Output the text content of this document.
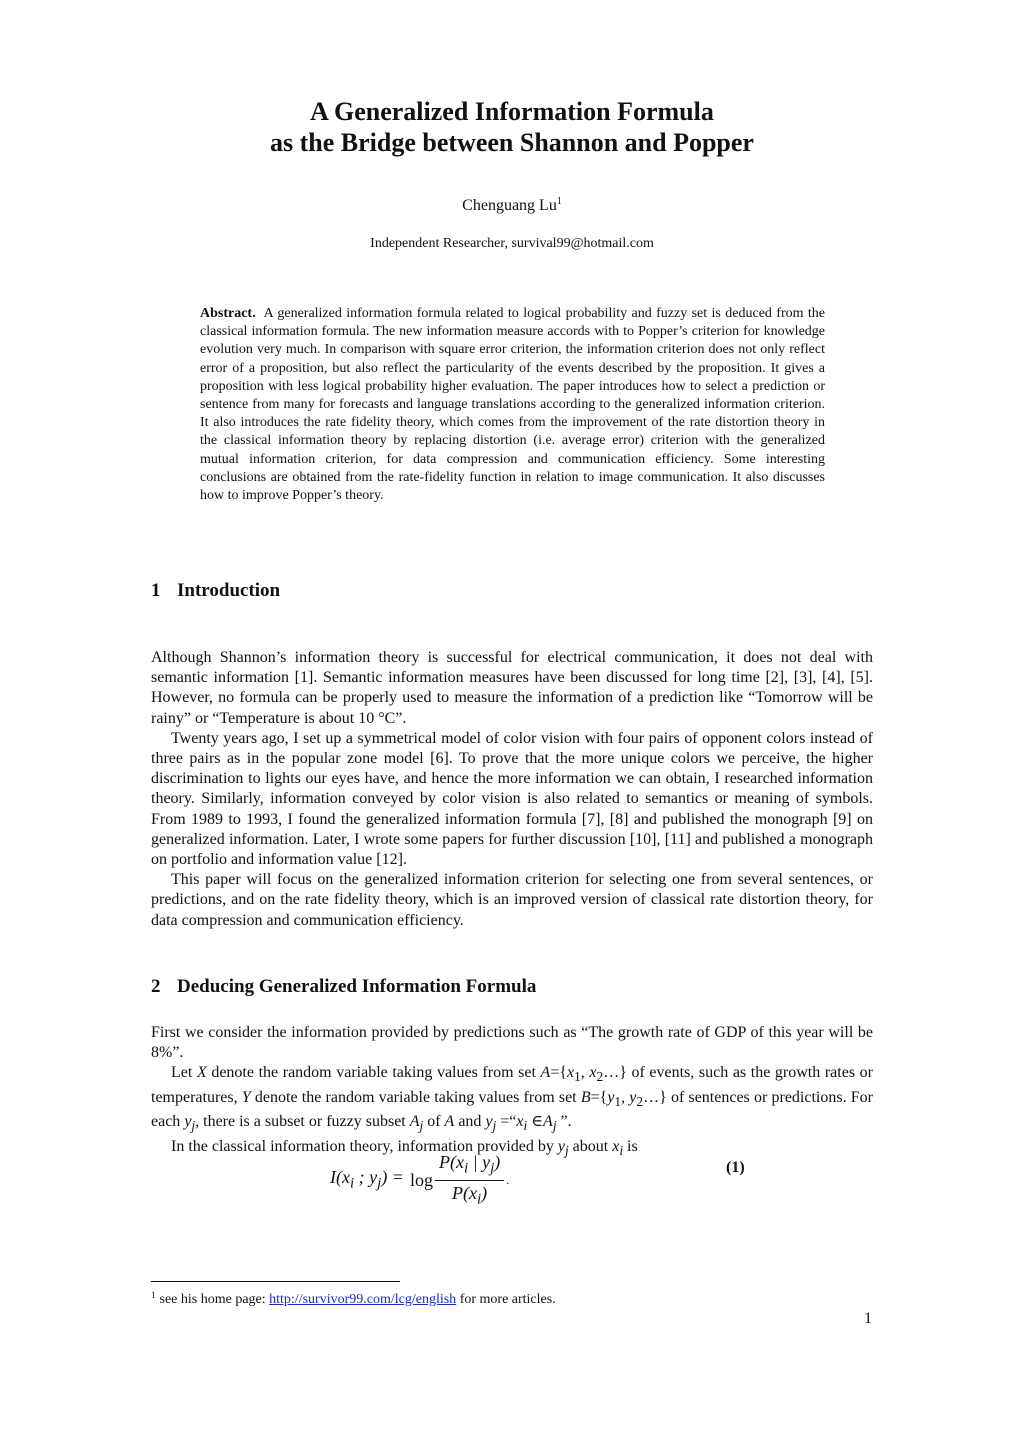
A Generalized Information Formula
as the Bridge between Shannon and Popper
Chenguang Lu$^1$
Independent Researcher, survival99@hotmail.com
Abstract. A generalized information formula related to logical probability and fuzzy set is deduced from the classical information formula. The new information measure accords with to Popper’s criterion for knowledge evolution very much. In comparison with square error criterion, the information criterion does not only reflect error of a proposition, but also reflect the particularity of the events described by the proposition. It gives a proposition with less logical probability higher evaluation. The paper introduces how to select a prediction or sentence from many for forecasts and language translations according to the generalized information criterion. It also introduces the rate fidelity theory, which comes from the improvement of the rate distortion theory in the classical information theory by replacing distortion (i.e. average error) criterion with the generalized mutual information criterion, for data compression and communication efficiency. Some interesting conclusions are obtained from the rate-fidelity function in relation to image communication. It also discusses how to improve Popper’s theory.
1 Introduction

Although Shannon’s information theory is successful for electrical communication, it does not deal with semantic information [1]. Semantic information measures have been discussed for long time [2], [3], [4], [5]. However, no formula can be properly used to measure the information of a prediction like “Tomorrow will be rainy” or “Temperature is about 10 °C”.

Twenty years ago, I set up a symmetrical model of color vision with four pairs of opponent colors instead of three pairs as in the popular zone model [6]. To prove that the more unique colors we perceive, the higher discrimination to lights our eyes have, and hence the more information we can obtain, I researched information theory. Similarly, information conveyed by color vision is also related to semantics or meaning of symbols. From 1989 to 1993, I found the generalized information formula [7], [8] and published the monograph [9] on generalized information. Later, I wrote some papers for further discussion [10], [11] and published a monograph on portfolio and information value [12].

This paper will focus on the generalized information criterion for selecting one from several sentences, or predictions, and on the rate fidelity theory, which is an improved version of classical rate distortion theory, for data compression and communication efficiency.

2 Deducing Generalized Information Formula

First we consider the information provided by predictions such as “The growth rate of GDP of this year will be 8%”.

Let X denote the random variable taking values from set $A=\{x_1$, $x_2\dots$} of events, such as the growth rates or temperatures, Y denote the random variable taking values from set $B=\{y_1$, $y_2\dots$} of sentences or predictions. For each $y_j$, there is a subset or fuzzy subset $A_j$ of A and $y_j$ $=“x_i$ $\in A_j$ ”.

In the classical information theory, information provided by $y_j$ about $x_i$ is

$I(x_i$ ; $y_j) = \log \frac{P(x_i | y_j)}{P(x_i)}$ .
(1)
$^1$ see his home page: http://survivor99.com/lcg/english for more articles.
1
